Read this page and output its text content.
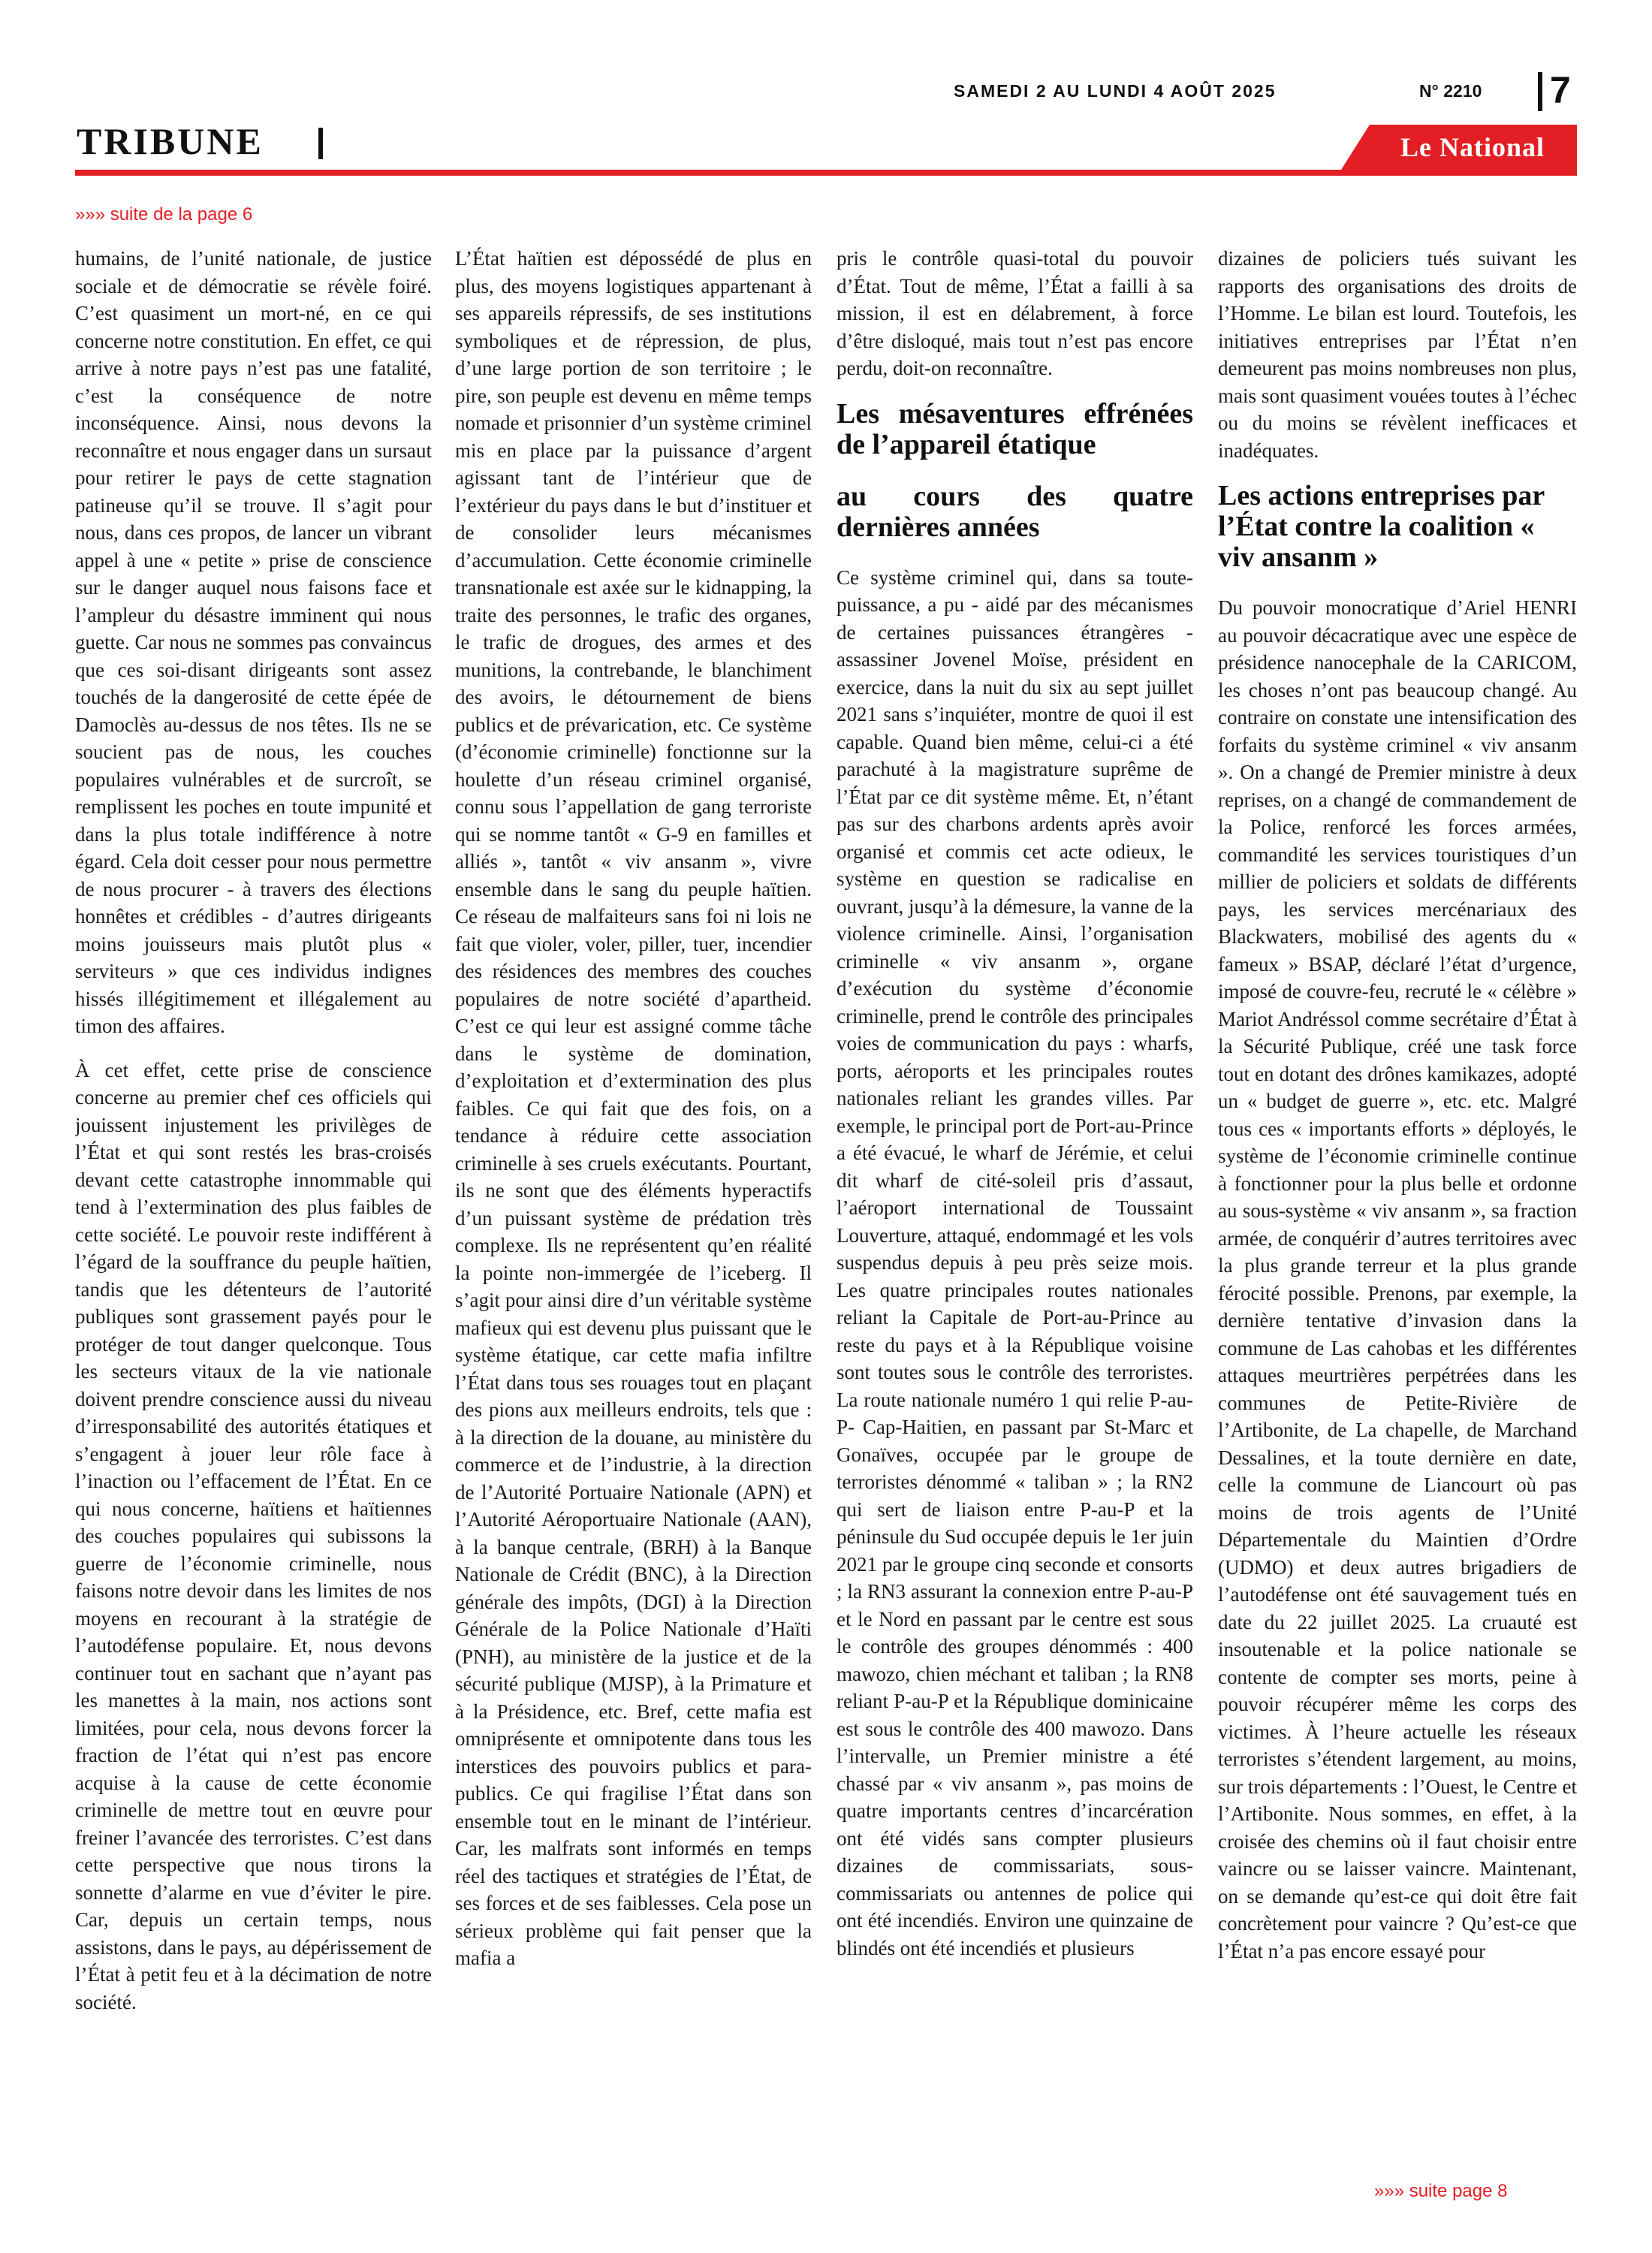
SAMEDI 2 AU LUNDI 4 AOÛT 2025	N° 2210 7
TRIBUNE	Le National
»»» suite de la page 6

humains, de l’unité nationale, de justice sociale et de démocratie se révèle foiré. C’est quasiment un mort-né, en ce qui concerne notre constitution. En effet, ce qui arrive à notre pays n’est pas une fatalité, c’est la conséquence de notre inconséquence. Ainsi, nous devons la reconnaître et nous engager dans un sursaut pour retirer le pays de cette stagnation patineuse qu’il se trouve. Il s’agit pour nous, dans ces propos, de lancer un vibrant appel à une « petite » prise de conscience sur le danger auquel nous faisons face et l’ampleur du désastre imminent qui nous guette. Car nous ne sommes pas convaincus que ces soi-disant dirigeants sont assez touchés de la dangerosité de cette épée de Damoclès au-dessus de nos têtes. Ils ne se soucient pas de nous, les couches populaires vulnérables et de surcroît, se remplissent les poches en toute impunité et dans la plus totale indifférence à notre égard. Cela doit cesser pour nous permettre de nous procurer - à travers des élections honnêtes et crédibles - d’autres dirigeants moins jouisseurs mais plutôt plus « serviteurs » que ces individus indignes hissés illégitimement et illégalement au timon des affaires.

À cet effet, cette prise de conscience concerne au premier chef ces officiels qui jouissent injustement les privilèges de l’État et qui sont restés les bras-croisés devant cette catastrophe innommable qui tend à l’extermination des plus faibles de cette société. Le pouvoir reste indifférent à l’égard de la souffrance du peuple haïtien, tandis que les détenteurs de l’autorité publiques sont grassement payés pour le protéger de tout danger quelconque. Tous les secteurs vitaux de la vie nationale doivent prendre conscience aussi du niveau d’irresponsabilité des autorités étatiques et s’engagent à jouer leur rôle face à l’inaction ou l’effacement de l’État. En ce qui nous concerne, haïtiens et haïtiennes des couches populaires qui subissons la guerre de l’économie criminelle, nous faisons notre devoir dans les limites de nos moyens en recourant à la stratégie de l’autodéfense populaire. Et, nous devons continuer tout en sachant que n’ayant pas les manettes à la main, nos actions sont limitées, pour cela, nous devons forcer la fraction de l’état qui n’est pas encore acquise à la cause de cette économie criminelle de mettre tout en œuvre pour freiner l’avancée des terroristes. C’est dans cette perspective que nous tirons la sonnette d’alarme en vue d’éviter le pire. Car, depuis un certain temps, nous assistons, dans le pays, au dépérissement de l’État à petit feu et à la décimation de notre société.

L’État haïtien est dépossédé de plus en plus, des moyens logistiques appartenant à ses appareils répressifs, de ses institutions symboliques et de répression, de plus, d’une large portion de son territoire ; le pire, son peuple est devenu en même temps nomade et prisonnier d’un système criminel mis en place par la puissance d’argent agissant tant de l’intérieur que de l’extérieur du pays dans le but d’instituer et de consolider leurs mécanismes d’accumulation. Cette économie criminelle transnationale est axée sur le kidnapping, la traite des personnes, le trafic des organes, le trafic de drogues, des armes et des munitions, la contrebande, le blanchiment des avoirs, le détournement de biens publics et de prévarication, etc. Ce système (d’économie criminelle) fonctionne sur la houlette d’un réseau criminel organisé, connu sous l’appellation de gang terroriste qui se nomme tantôt « G-9 en familles et alliés », tantôt « viv ansanm », vivre ensemble dans le sang du peuple haïtien. Ce réseau de malfaiteurs sans foi ni lois ne fait que violer, voler, piller, tuer, incendier des résidences des membres des couches populaires de notre société d’apartheid. C’est ce qui leur est assigné comme tâche dans le système de domination, d’exploitation et d’extermination des plus faibles. Ce qui fait que des fois, on a tendance à réduire cette association criminelle à ses cruels exécutants. Pourtant, ils ne sont que des éléments hyperactifs d’un puissant système de prédation très complexe. Ils ne représentent qu’en réalité la pointe non-immergée de l’iceberg. Il s’agit pour ainsi dire d’un véritable système mafieux qui est devenu plus puissant que le système étatique, car cette mafia infiltre l’État dans tous ses rouages tout en plaçant des pions aux meilleurs endroits, tels que : à la direction de la douane, au ministère du commerce et de l’industrie, à la direction de l’Autorité Portuaire Nationale (APN) et l’Autorité Aéroportuaire Nationale (AAN), à la banque centrale, (BRH) à la Banque Nationale de Crédit (BNC), à la Direction générale des impôts, (DGI) à la Direction Générale de la Police Nationale d’Haïti (PNH), au ministère de la justice et de la sécurité publique (MJSP), à la Primature et à la Présidence, etc. Bref, cette mafia est omniprésente et omnipotente dans tous les interstices des pouvoirs publics et para-publics. Ce qui fragilise l’État dans son ensemble tout en le minant de l’intérieur. Car, les malfrats sont informés en temps réel des tactiques et stratégies de l’État, de ses forces et de ses faiblesses. Cela pose un sérieux problème qui fait penser que la mafia a

pris le contrôle quasi-total du pouvoir d’État. Tout de même, l’État a failli à sa mission, il est en délabrement, à force d’être disloqué, mais tout n’est pas encore perdu, doit-on reconnaître.

Les mésaventures effrénées de l’appareil étatique
au cours des quatre dernières années

Ce système criminel qui, dans sa toute-puissance, a pu - aidé par des mécanismes de certaines puissances étrangères - assassiner Jovenel Moïse, président en exercice, dans la nuit du six au sept juillet 2021 sans s’inquiéter, montre de quoi il est capable. Quand bien même, celui-ci a été parachuté à la magistrature suprême de l’État par ce dit système même. Et, n’étant pas sur des charbons ardents après avoir organisé et commis cet acte odieux, le système en question se radicalise en ouvrant, jusqu’à la démesure, la vanne de la violence criminelle. Ainsi, l’organisation criminelle « viv ansanm », organe d’exécution du système d’économie criminelle, prend le contrôle des principales voies de communication du pays : wharfs, ports, aéroports et les principales routes nationales reliant les grandes villes. Par exemple, le principal port de Port-au-Prince a été évacué, le wharf de Jérémie, et celui dit wharf de cité-soleil pris d’assaut, l’aéroport international de Toussaint Louverture, attaqué, endommagé et les vols suspendus depuis à peu près seize mois. Les quatre principales routes nationales reliant la Capitale de Port-au-Prince au reste du pays et à la République voisine sont toutes sous le contrôle des terroristes. La route nationale numéro 1 qui relie P-au-P- Cap-Haitien, en passant par St-Marc et Gonaïves, occupée par le groupe de terroristes dénommé « taliban » ; la RN2 qui sert de liaison entre P-au-P et la péninsule du Sud occupée depuis le 1er juin 2021 par le groupe cinq seconde et consorts ; la RN3 assurant la connexion entre P-au-P et le Nord en passant par le centre est sous le contrôle des groupes dénommés : 400 mawozo, chien méchant et taliban ; la RN8 reliant P-au-P et la République dominicaine est sous le contrôle des 400 mawozo. Dans l’intervalle, un Premier ministre a été chassé par « viv ansanm », pas moins de quatre importants centres d’incarcération ont été vidés sans compter plusieurs dizaines de commissariats, sous-commissariats ou antennes de police qui ont été incendiés. Environ une quinzaine de blindés ont été incendiés et plusieurs

dizaines de policiers tués suivant les rapports des organisations des droits de l’Homme. Le bilan est lourd. Toutefois, les initiatives entreprises par l’État n’en demeurent pas moins nombreuses non plus, mais sont quasiment vouées toutes à l’échec ou du moins se révèlent inefficaces et inadéquates.

Les actions entreprises par l’État contre la coalition « viv ansanm »

Du pouvoir monocratique d’Ariel HENRI au pouvoir décacratique avec une espèce de présidence nanocephale de la CARICOM, les choses n’ont pas beaucoup changé. Au contraire on constate une intensification des forfaits du système criminel « viv ansanm ». On a changé de Premier ministre à deux reprises, on a changé de commandement de la Police, renforcé les forces armées, commandité les services touristiques d’un millier de policiers et soldats de différents pays, les services mercénariaux des Blackwaters, mobilisé des agents du « fameux » BSAP, déclaré l’état d’urgence, imposé de couvre-feu, recruté le « célèbre » Mariot Andréssol comme secrétaire d’État à la Sécurité Publique, créé une task force tout en dotant des drônes kamikazes, adopté un « budget de guerre », etc. etc. Malgré tous ces « importants efforts » déployés, le système de l’économie criminelle continue à fonctionner pour la plus belle et ordonne au sous-système « viv ansanm », sa fraction armée, de conquérir d’autres territoires avec la plus grande terreur et la plus grande férocité possible. Prenons, par exemple, la dernière tentative d’invasion dans la commune de Las cahobas et les différentes attaques meurtrières perpétrées dans les communes de Petite-Rivière de l’Artibonite, de La chapelle, de Marchand Dessalines, et la toute dernière en date, celle la commune de Liancourt où pas moins de trois agents de l’Unité Départementale du Maintien d’Ordre (UDMO) et deux autres brigadiers de l’autodéfense ont été sauvagement tués en date du 22 juillet 2025. La cruauté est insoutenable et la police nationale se contente de compter ses morts, peine à pouvoir récupérer même les corps des victimes. À l’heure actuelle les réseaux terroristes s’étendent largement, au moins, sur trois départements : l’Ouest, le Centre et l’Artibonite. Nous sommes, en effet, à la croisée des chemins où il faut choisir entre vaincre ou se laisser vaincre. Maintenant, on se demande qu’est-ce qui doit être fait concrètement pour vaincre ? Qu’est-ce que l’État n’a pas encore essayé pour

»»» suite page 8
